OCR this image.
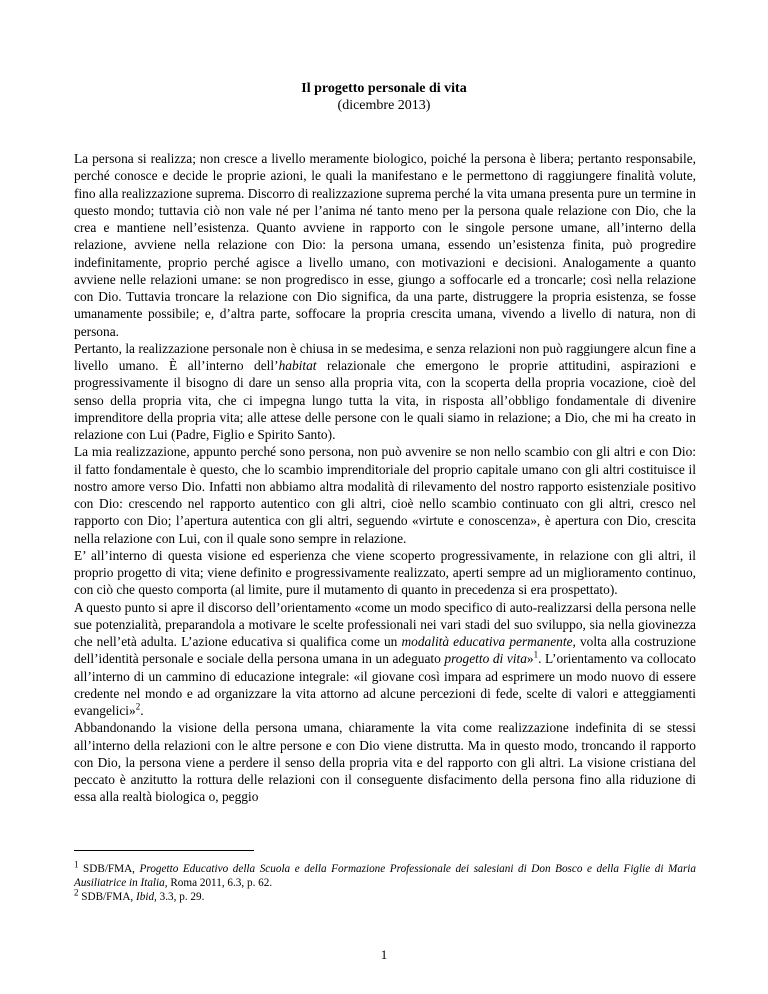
Il progetto personale di vita
(dicembre 2013)

La persona si realizza; non cresce a livello meramente biologico, poiché la persona è libera; pertanto responsabile, perché conosce e decide le proprie azioni, le quali la manifestano e le permettono di raggiungere finalità volute, fino alla realizzazione suprema. Discorro di realizzazione suprema perché la vita umana presenta pure un termine in questo mondo; tuttavia ciò non vale né per l’anima né tanto meno per la persona quale relazione con Dio, che la crea e mantiene nell’esistenza. Quanto avviene in rapporto con le singole persone umane, all’interno della relazione, avviene nella relazione con Dio: la persona umana, essendo un’esistenza finita, può progredire indefinitamente, proprio perché agisce a livello umano, con motivazioni e decisioni. Analogamente a quanto avviene nelle relazioni umane: se non progredisco in esse, giungo a soffocarle ed a troncarle; così nella relazione con Dio. Tuttavia troncare la relazione con Dio significa, da una parte, distruggere la propria esistenza, se fosse umanamente possibile; e, d’altra parte, soffocare la propria crescita umana, vivendo a livello di natura, non di persona.

Pertanto, la realizzazione personale non è chiusa in se medesima, e senza relazioni non può raggiungere alcun fine a livello umano. È all’interno dell’habitat relazionale che emergono le proprie attitudini, aspirazioni e progressivamente il bisogno di dare un senso alla propria vita, con la scoperta della propria vocazione, cioè del senso della propria vita, che ci impegna lungo tutta la vita, in risposta all’obbligo fondamentale di divenire imprenditore della propria vita; alle attese delle persone con le quali siamo in relazione; a Dio, che mi ha creato in relazione con Lui (Padre, Figlio e Spirito Santo).

La mia realizzazione, appunto perché sono persona, non può avvenire se non nello scambio con gli altri e con Dio: il fatto fondamentale è questo, che lo scambio imprenditoriale del proprio capitale umano con gli altri costituisce il nostro amore verso Dio. Infatti non abbiamo altra modalità di rilevamento del nostro rapporto esistenziale positivo con Dio: crescendo nel rapporto autentico con gli altri, cioè nello scambio continuato con gli altri, cresco nel rapporto con Dio; l’apertura autentica con gli altri, seguendo «virtute e conoscenza», è apertura con Dio, crescita nella relazione con Lui, con il quale sono sempre in relazione.

E’ all’interno di questa visione ed esperienza che viene scoperto progressivamente, in relazione con gli altri, il proprio progetto di vita; viene definito e progressivamente realizzato, aperti sempre ad un miglioramento continuo, con ciò che questo comporta (al limite, pure il mutamento di quanto in precedenza si era prospettato).

A questo punto si apre il discorso dell’orientamento «come un modo specifico di auto-realizzarsi della persona nelle sue potenzialità, preparandola a motivare le scelte professionali nei vari stadi del suo sviluppo, sia nella giovinezza che nell’età adulta. L’azione educativa si qualifica come un modalità educativa permanente, volta alla costruzione dell’identità personale e sociale della persona umana in un adeguato progetto di vita»$^1$. L’orientamento va collocato all’interno di un cammino di educazione integrale: «il giovane così impara ad esprimere un modo nuovo di essere credente nel mondo e ad organizzare la vita attorno ad alcune percezioni di fede, scelte di valori e atteggiamenti evangelici»$^2$.

Abbandonando la visione della persona umana, chiaramente la vita come realizzazione indefinita di se stessi all’interno della relazioni con le altre persone e con Dio viene distrutta. Ma in questo modo, troncando il rapporto con Dio, la persona viene a perdere il senso della propria vita e del rapporto con gli altri. La visione cristiana del peccato è anzitutto la rottura delle relazioni con il conseguente disfacimento della persona fino alla riduzione di essa alla realtà biologica o, peggio

$^1$ SDB/FMA, Progetto Educativo della Scuola e della Formazione Professionale dei salesiani di Don Bosco e della Figlie di Maria Ausiliatrice in Italia, Roma 2011, 6.3, p. 62.

$^2$ SDB/FMA, Ibid, 3.3, p. 29.

1
